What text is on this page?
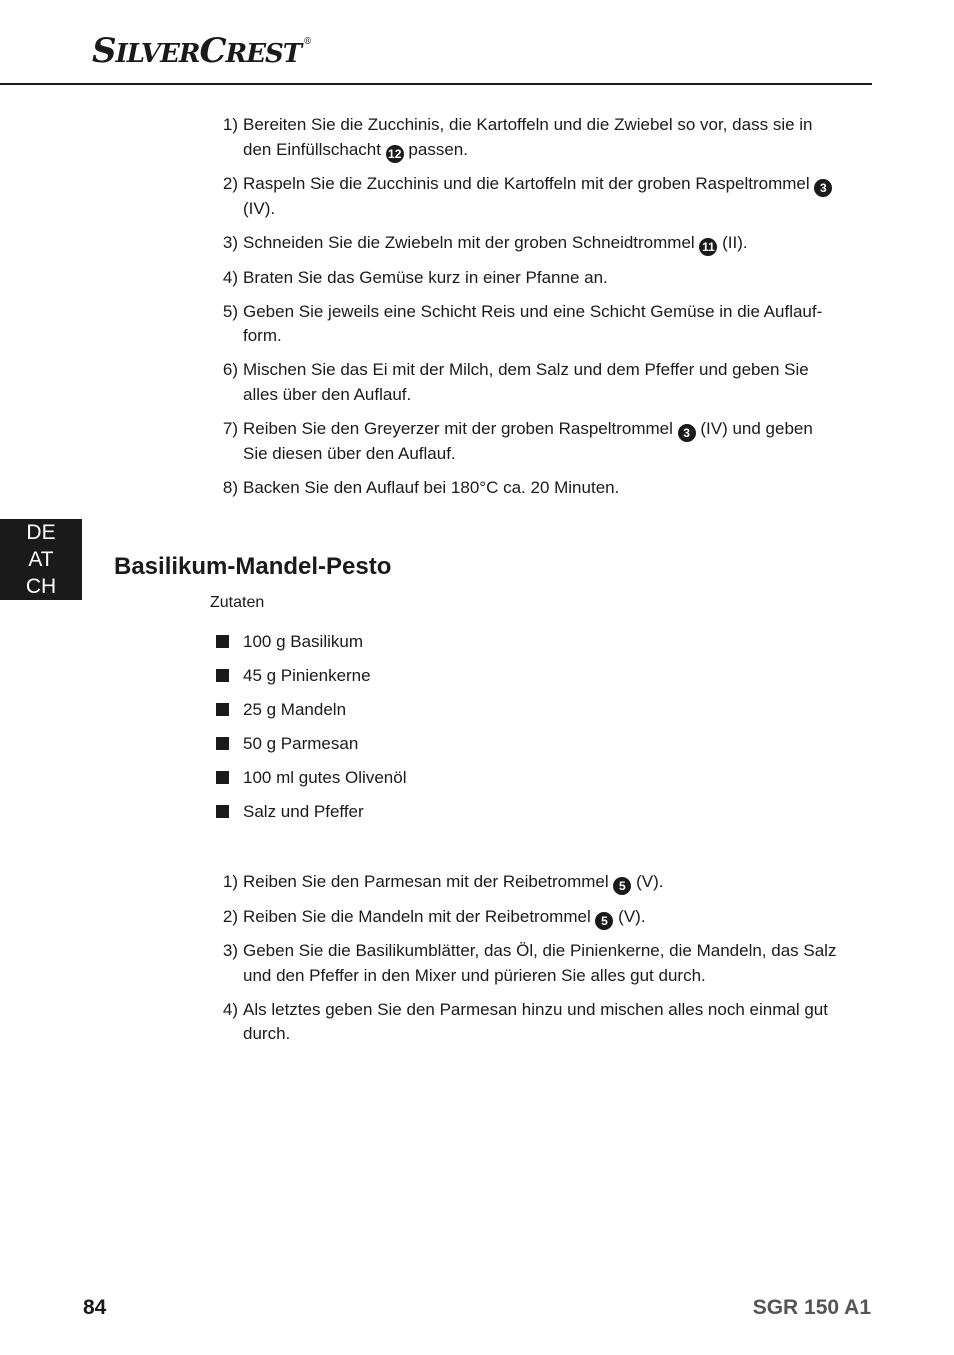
SILVERCREST ®
1) Bereiten Sie die Zucchinis, die Kartoffeln und die Zwiebel so vor, dass sie in den Einfüllschacht 12 passen.
2) Raspeln Sie die Zucchinis und die Kartoffeln mit der groben Raspeltrommel 3 (IV).
3) Schneiden Sie die Zwiebeln mit der groben Schneidtrommel 11 (II).
4) Braten Sie das Gemüse kurz in einer Pfanne an.
5) Geben Sie jeweils eine Schicht Reis und eine Schicht Gemüse in die Auflauf-form.
6) Mischen Sie das Ei mit der Milch, dem Salz und dem Pfeffer und geben Sie alles über den Auflauf.
7) Reiben Sie den Greyerzer mit der groben Raspeltrommel 3 (IV) und geben Sie diesen über den Auflauf.
8) Backen Sie den Auflauf bei 180°C ca. 20 Minuten.
DE
AT
CH
Basilikum-Mandel-Pesto
Zutaten
100 g Basilikum
45 g Pinienkerne
25 g Mandeln
50 g Parmesan
100 ml gutes Olivenöl
Salz und Pfeffer
1) Reiben Sie den Parmesan mit der Reibetrommel 5 (V).
2) Reiben Sie die Mandeln mit der Reibetrommel 5 (V).
3) Geben Sie die Basilikumblätter, das Öl, die Pinienkerne, die Mandeln, das Salz und den Pfeffer in den Mixer und pürieren Sie alles gut durch.
4) Als letztes geben Sie den Parmesan hinzu und mischen alles noch einmal gut durch.
84	SGR 150 A1
